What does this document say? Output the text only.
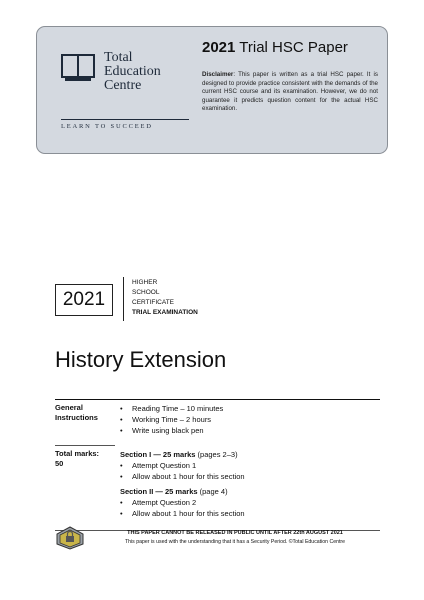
Total
Education
Centre
LEARN TO SUCCEED
2021 Trial HSC Paper
Disclaimer: This paper is written as a trial HSC paper. It is designed to provide practice consistent with the demands of the current HSC course and its examination. However, we do not guarantee it predicts question content for the actual HSC examination.
2021
HIGHER
SCHOOL
CERTIFICATE
TRIAL EXAMINATION
History Extension
General
Instructions
• Reading Time – 10 minutes
• Working Time – 2 hours
• Write using black pen
Total marks:
50
Section I — 25 marks (pages 2–3)
• Attempt Question 1
• Allow about 1 hour for this section
Section II — 25 marks (page 4)
• Attempt Question 2
• Allow about 1 hour for this section
THIS PAPER CANNOT BE RELEASED IN PUBLIC UNTIL AFTER 22th AUGUST 2021
This paper is used with the understanding that it has a Security Period. ©Total Education Centre
